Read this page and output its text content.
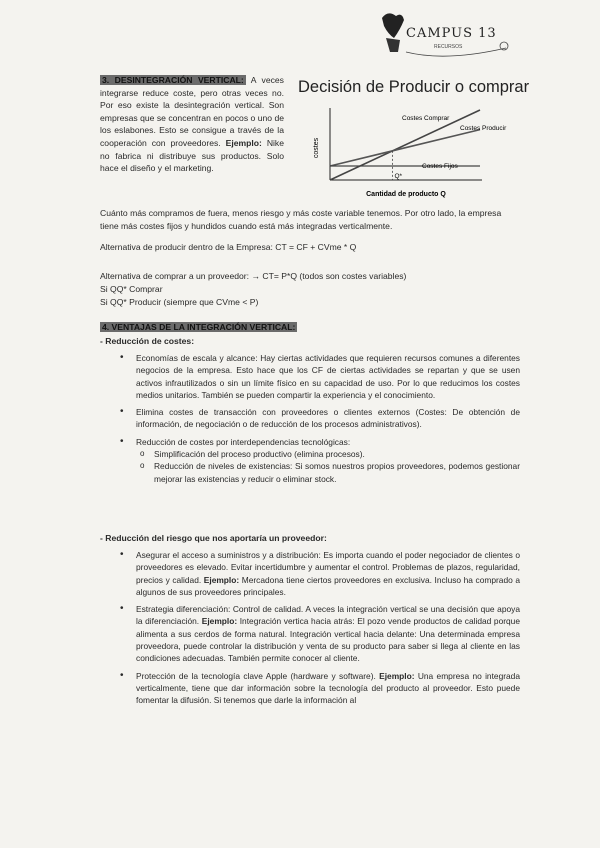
CAMPUS 13
RECURSOS
3. DESINTEGRACIÓN VERTICAL: A veces integrarse reduce coste, pero otras veces no. Por eso existe la desintegración vertical. Son empresas que se concentran en pocos o uno de los eslabones. Esto se consigue a través de la cooperación con proveedores. Ejemplo: Nike no fabrica ni distribuye sus productos. Solo hace el diseño y el marketing.
Decisión de Producir o comprar
costes
Cantidad de producto Q
Costes Comprar
Costes Producir
Costes Fijos
Q*
Cuánto más compramos de fuera, menos riesgo y más coste variable tenemos. Por otro lado, la empresa tiene más costes fijos y hundidos cuando está más integradas verticalmente.
Alternativa de producir dentro de la Empresa: CT = CF + CVme * Q
Alternativa de comprar a un proveedor: → CT= P*Q (todos son costes variables)
Si QQ* Comprar
Si QQ* Producir (siempre que CVme < P)
4. VENTAJAS DE LA INTEGRACIÓN VERTICAL:
- Reducción de costes:
• Economías de escala y alcance: Hay ciertas actividades que requieren recursos comunes a diferentes negocios de la empresa. Esto hace que los CF de ciertas actividades se repartan y que se usen activos infrautilizados o sin un límite físico en su capacidad de uso. Por lo que reducimos los costes medios unitarios. También se pueden compartir la experiencia y el conocimiento.
• Elimina costes de transacción con proveedores o clientes externos (Costes: De obtención de información, de negociación o de reducción de los procesos administrativos).
• Reducción de costes por interdependencias tecnológicas:
o Simplificación del proceso productivo (elimina procesos).
o Reducción de niveles de existencias: Si somos nuestros propios proveedores, podemos gestionar mejorar las existencias y reducir o eliminar stock.
- Reducción del riesgo que nos aportaría un proveedor:
• Asegurar el acceso a suministros y a distribución: Es importa cuando el poder negociador de clientes o proveedores es elevado. Evitar incertidumbre y aumentar el control. Problemas de plazos, regularidad, precios y calidad. Ejemplo: Mercadona tiene ciertos proveedores en exclusiva. Incluso ha comprado a algunos de sus proveedores principales.
• Estrategia diferenciación: Control de calidad. A veces la integración vertical se una decisión que apoya la diferenciación. Ejemplo: Integración vertica hacia atrás: El pozo vende productos de calidad porque alimenta a sus cerdos de forma natural. Integración vertical hacia delante: Una determinada empresa proveedora, puede controlar la distribución y venta de su producto para saber si llega al cliente en las condiciones adecuadas. También permite conocer al cliente.
• Protección de la tecnología clave Apple (hardware y software). Ejemplo: Una empresa no integrada verticalmente, tiene que dar información sobre la tecnología del producto al proveedor. Esto puede fomentar la difusión. Si tenemos que darle la información al
